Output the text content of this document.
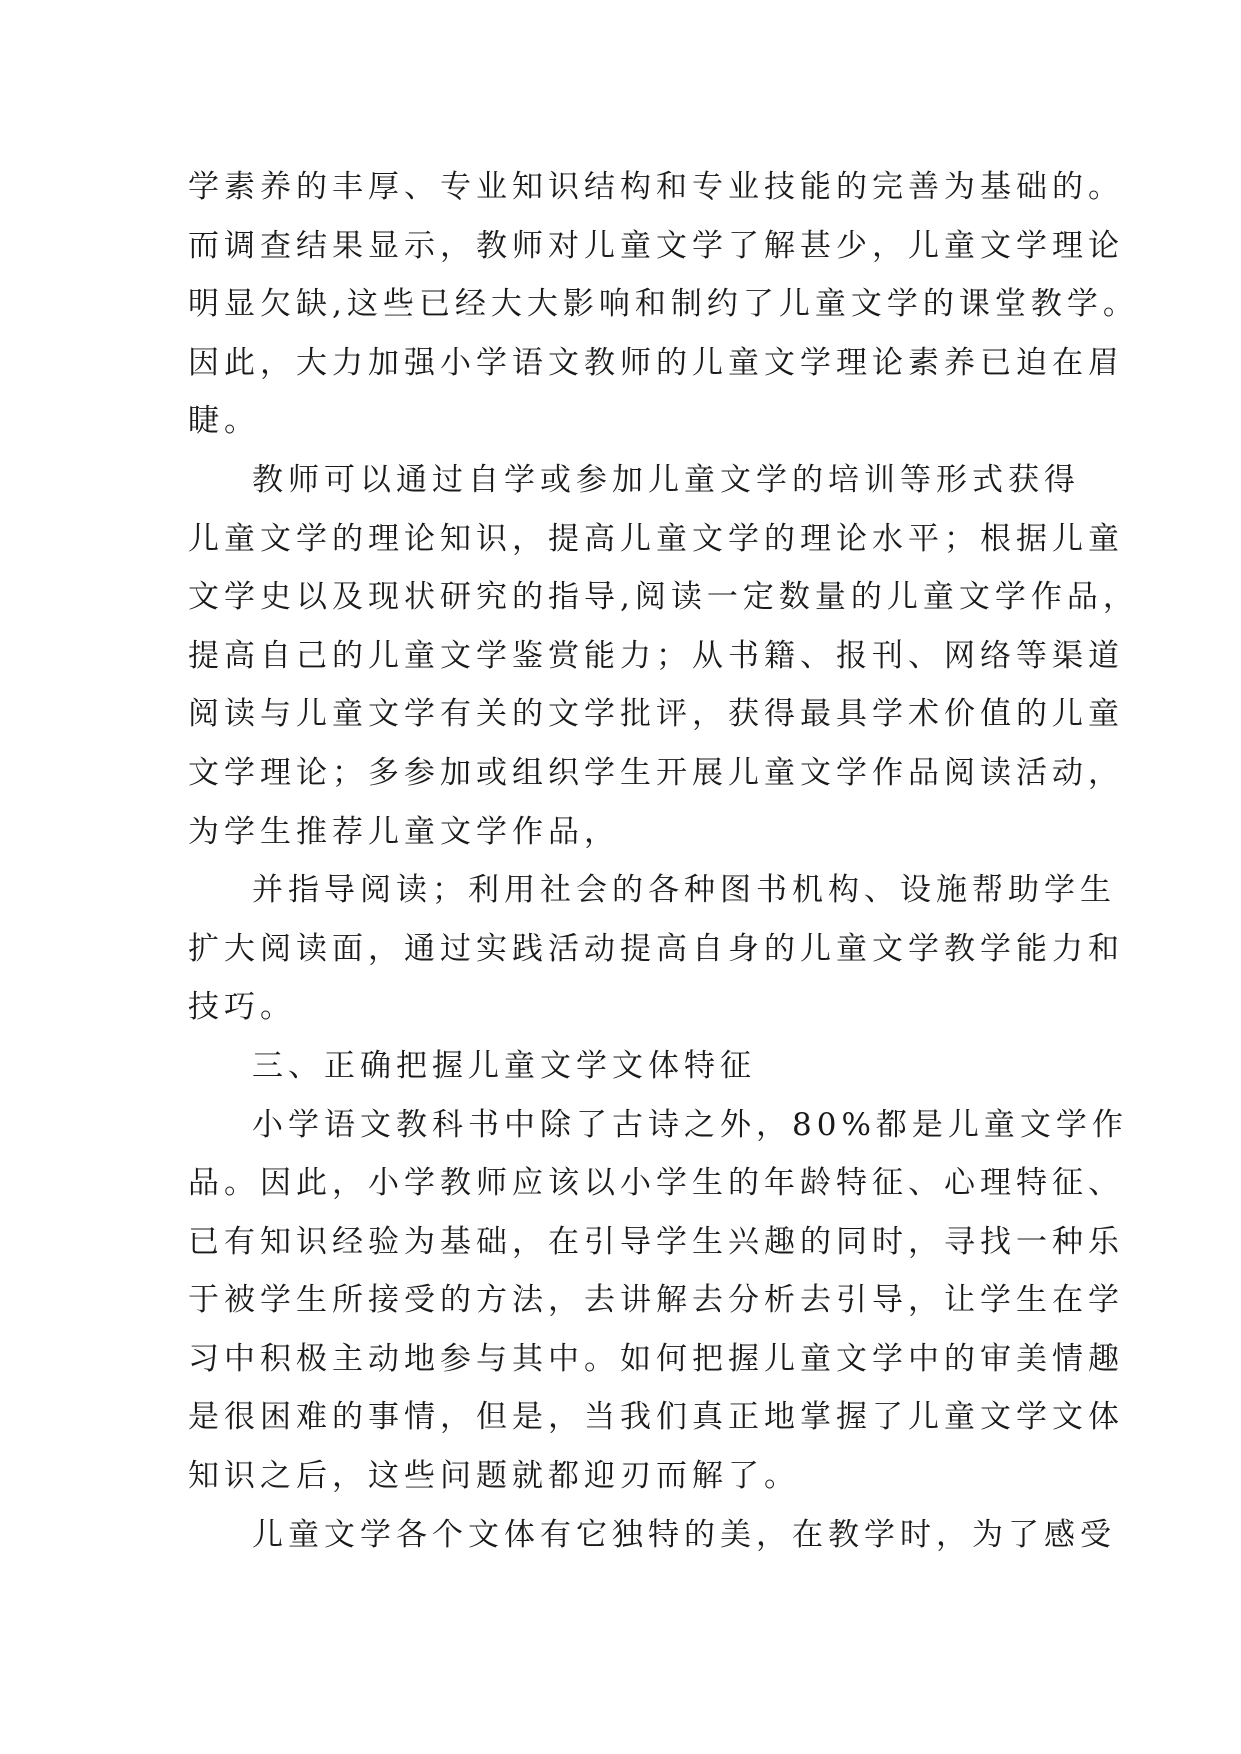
学素养的丰厚、专业知识结构和专业技能的完善为基础的。
而调查结果显示，教师对儿童文学了解甚少，儿童文学理论
明显欠缺,这些已经大大影响和制约了儿童文学的课堂教学。
因此，大力加强小学语文教师的儿童文学理论素养已迫在眉
睫。
教师可以通过自学或参加儿童文学的培训等形式获得
儿童文学的理论知识，提高儿童文学的理论水平；根据儿童
文学史以及现状研究的指导,阅读一定数量的儿童文学作品，
提高自己的儿童文学鉴赏能力；从书籍、报刊、网络等渠道
阅读与儿童文学有关的文学批评，获得最具学术价值的儿童
文学理论；多参加或组织学生开展儿童文学作品阅读活动，
为学生推荐儿童文学作品，
并指导阅读；利用社会的各种图书机构、设施帮助学生
扩大阅读面，通过实践活动提高自身的儿童文学教学能力和
技巧。
三、正确把握儿童文学文体特征
小学语文教科书中除了古诗之外，80%都是儿童文学作
品。因此，小学教师应该以小学生的年龄特征、心理特征、
已有知识经验为基础，在引导学生兴趣的同时，寻找一种乐
于被学生所接受的方法，去讲解去分析去引导，让学生在学
习中积极主动地参与其中。如何把握儿童文学中的审美情趣
是很困难的事情，但是，当我们真正地掌握了儿童文学文体
知识之后，这些问题就都迎刃而解了。
儿童文学各个文体有它独特的美，在教学时，为了感受
